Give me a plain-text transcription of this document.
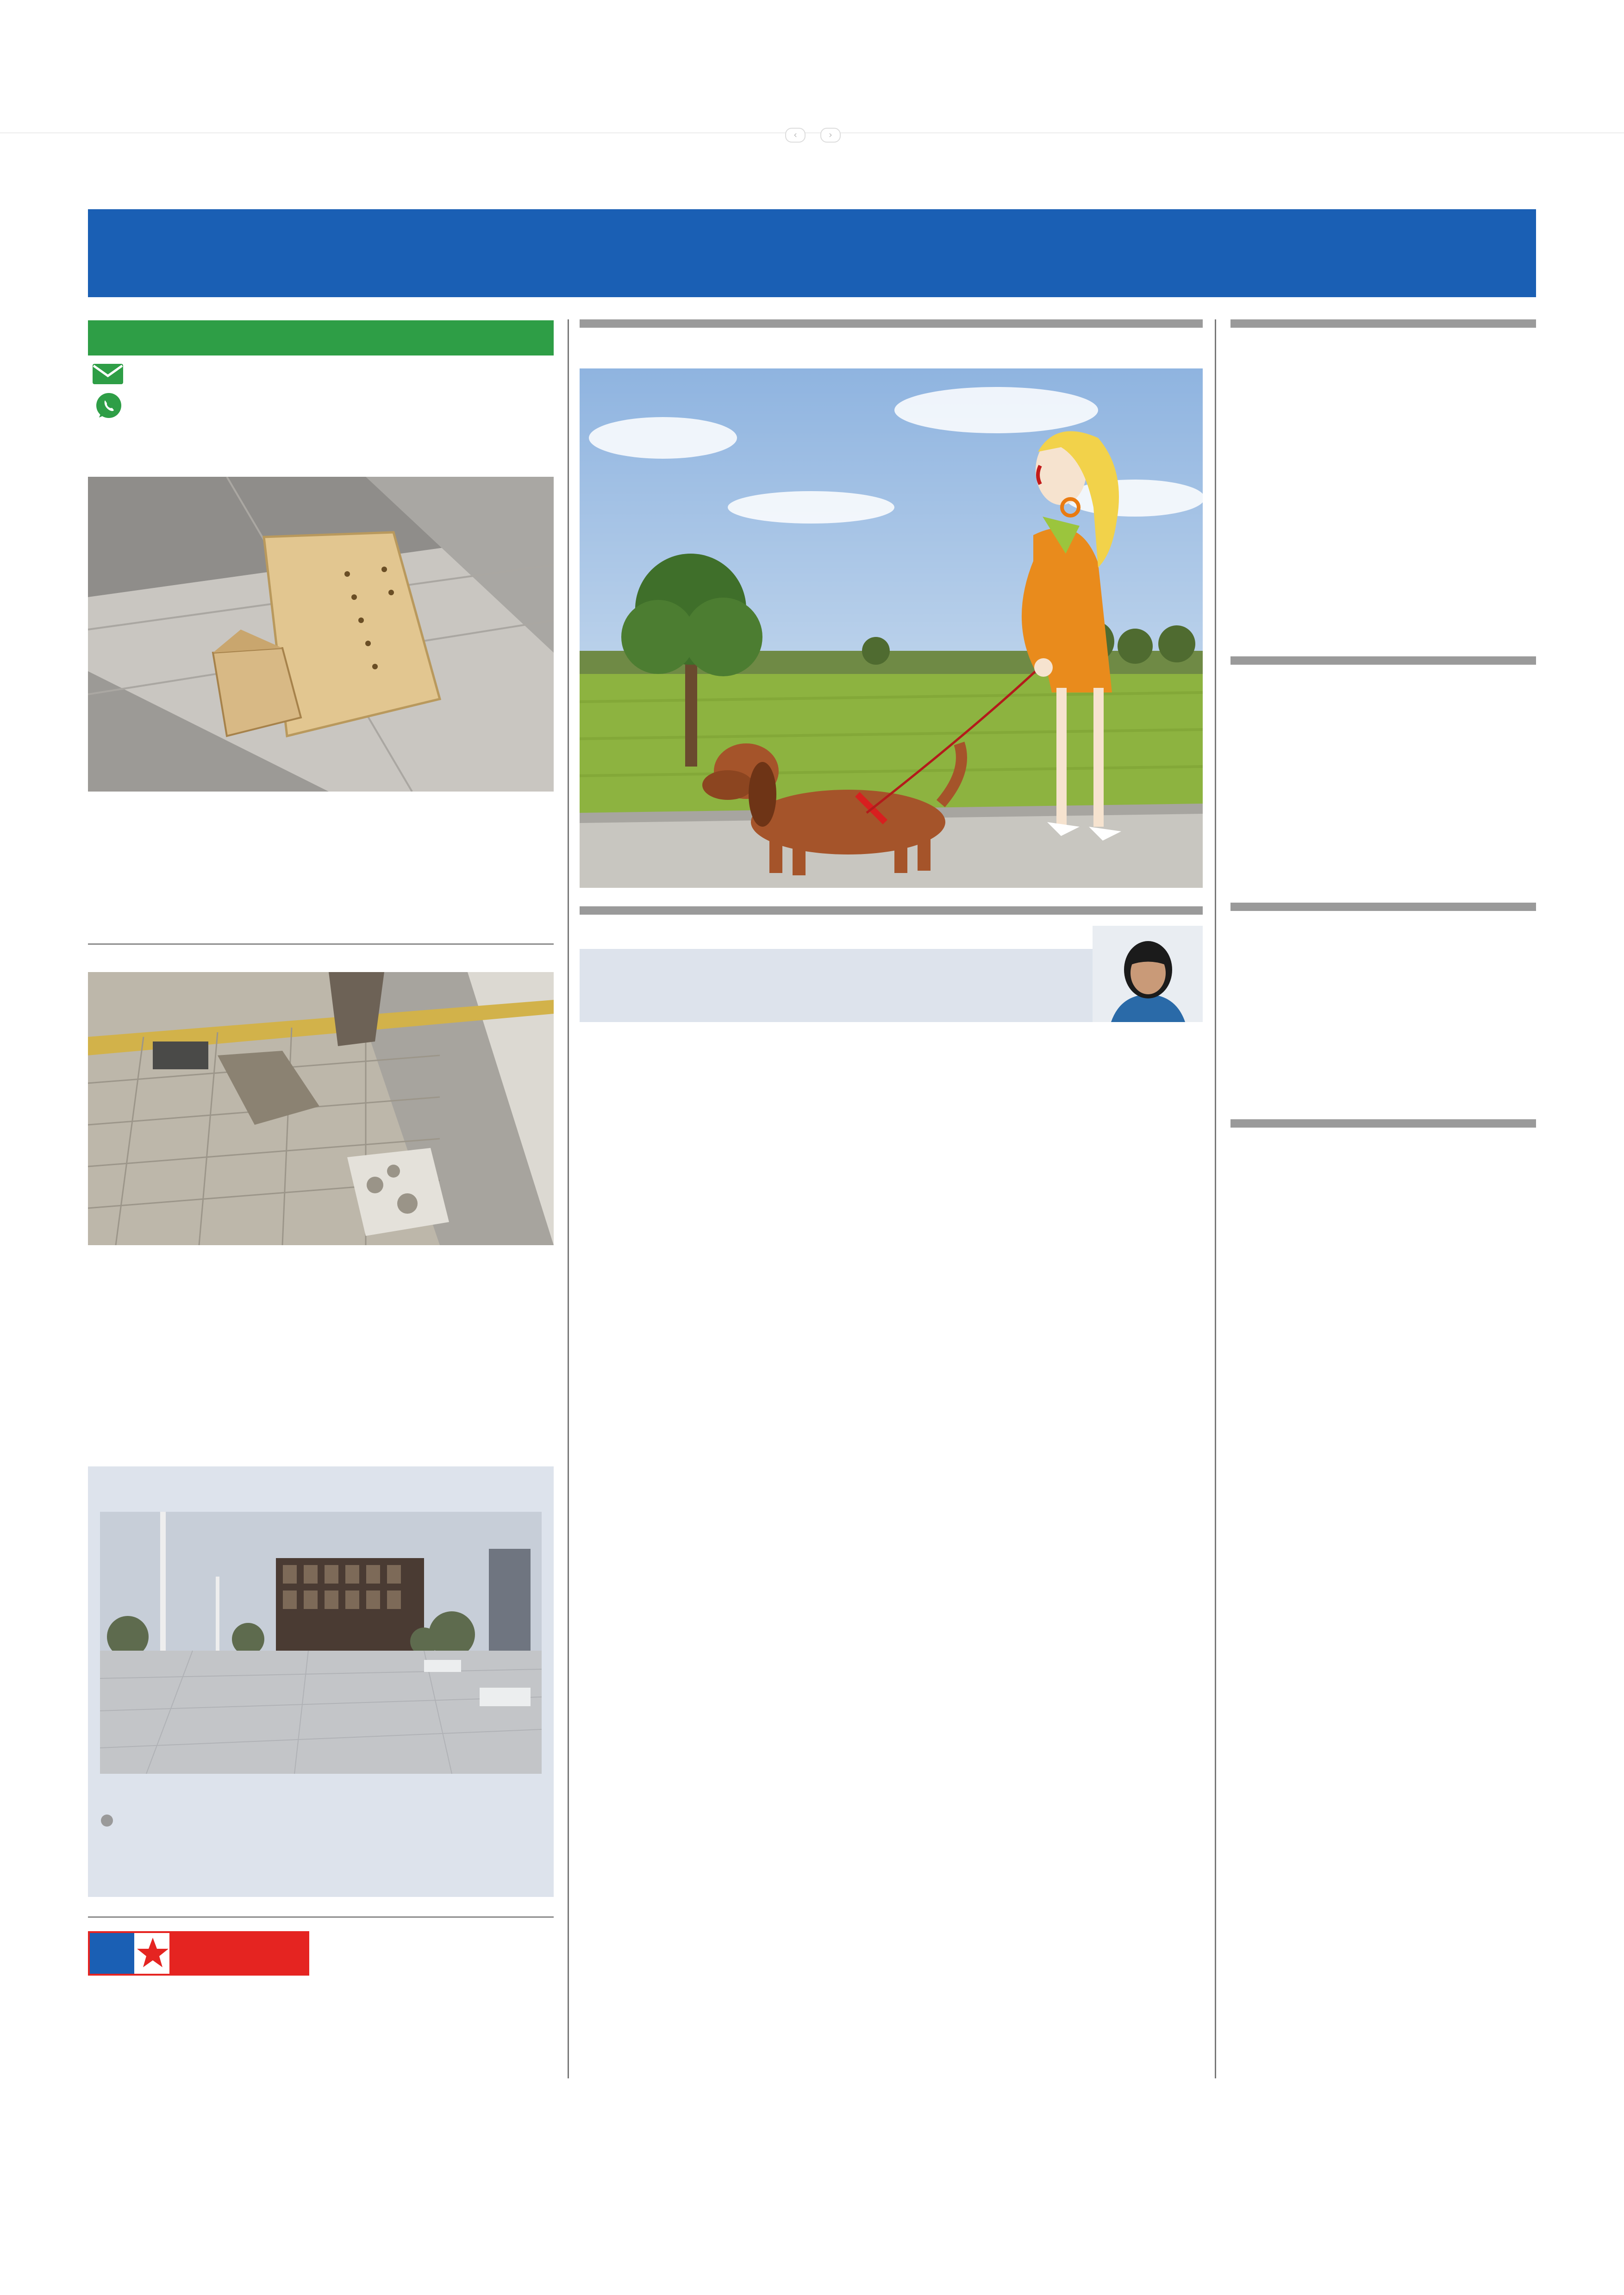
‹	›
